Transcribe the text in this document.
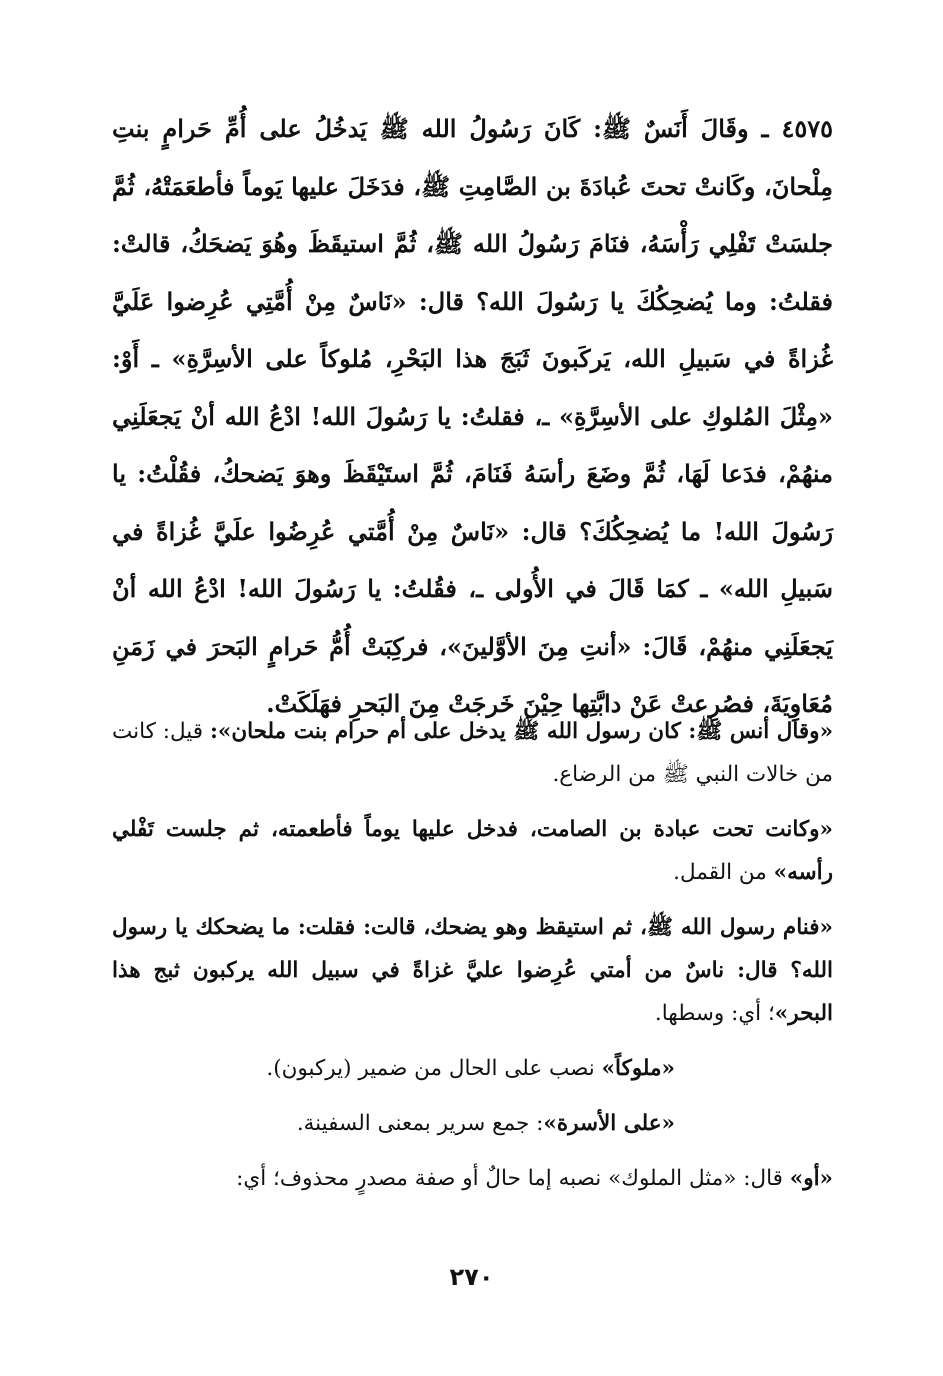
٤٥٧٥ ـ وقَالَ أَنَسٌ ﷺ: كَانَ رَسُولُ الله ﷺ يَدخُلُ على أُمِّ حَرامٍ بنتِ مِلْحانَ، وكَانتْ تحتَ عُبادَةَ بن الصَّامِتِ ﷺ، فدَخَلَ عليها يَوماً فأطعَمَتْهُ، ثُمَّ جلسَتْ تَفْلِي رَأْسَهُ، فنَامَ رَسُولُ الله ﷺ، ثُمَّ استيقَظَ وهُوَ يَضحَكُ، قالتْ: فقلتُ: وما يُضحِكُكَ يا رَسُولَ الله؟ قال: «نَاسٌ مِنْ أُمَّتِي عُرِضوا عَلَيَّ غُزاةً في سَبيلِ الله، يَركَبونَ ثَبَجَ هذا البَحْرِ، مُلوكاً على الأسِرَّةِ» ـ أَوْ: «مِثْلَ المُلوكِ على الأسِرَّةِ» ـ، فقلتُ: يا رَسُولَ الله! ادْعُ الله أنْ يَجعَلَنِي منهُمْ، فدَعا لَهَا، ثُمَّ وضَعَ رأسَهُ فَنَامَ، ثُمَّ استَيْقَظَ وهوَ يَضحكُ، فقُلْتُ: يا رَسُولَ الله! ما يُضحِكُكَ؟ قال: «نَاسٌ مِنْ أُمَّتي عُرِضُوا علَيَّ غُزاةً في سَبيلِ الله» ـ كمَا قَالَ في الأُولى ـ، فقُلتُ: يا رَسُولَ الله! ادْعُ الله أنْ يَجعَلَنِي منهُمْ، قَالَ: «أنتِ مِنَ الأوَّلينَ»، فركِبَتْ أُمُّ حَرامٍ البَحرَ في زَمَنِ مُعَاوِيَةَ، فصُرِعتْ عَنْ دابَّتِها حِيْنَ خَرجَتْ مِنَ البَحرِ فهَلَكَتْ.

«وقال أنس ﷺ: كان رسول الله ﷺ يدخل على أم حرام بنت ملحان»: قيل: كانت من خالات النبي ﷺ من الرضاع.

«وكانت تحت عبادة بن الصامت، فدخل عليها يوماً فأطعمته، ثم جلست تَفْلي رأسه» من القمل.

«فنام رسول الله ﷺ، ثم استيقظ وهو يضحك، قالت: فقلت: ما يضحكك يا رسول الله؟ قال: ناسٌ من أمتي عُرِضوا عليَّ غزاةً في سبيل الله يركبون ثبج هذا البحر»؛ أي: وسطها.

«ملوكاً» نصب على الحال من ضمير (يركبون).

«على الأسرة»: جمع سرير بمعنى السفينة.

«أو» قال: «مثل الملوك» نصبه إما حالٌ أو صفة مصدرٍ محذوف؛ أي:

٢٧٠
